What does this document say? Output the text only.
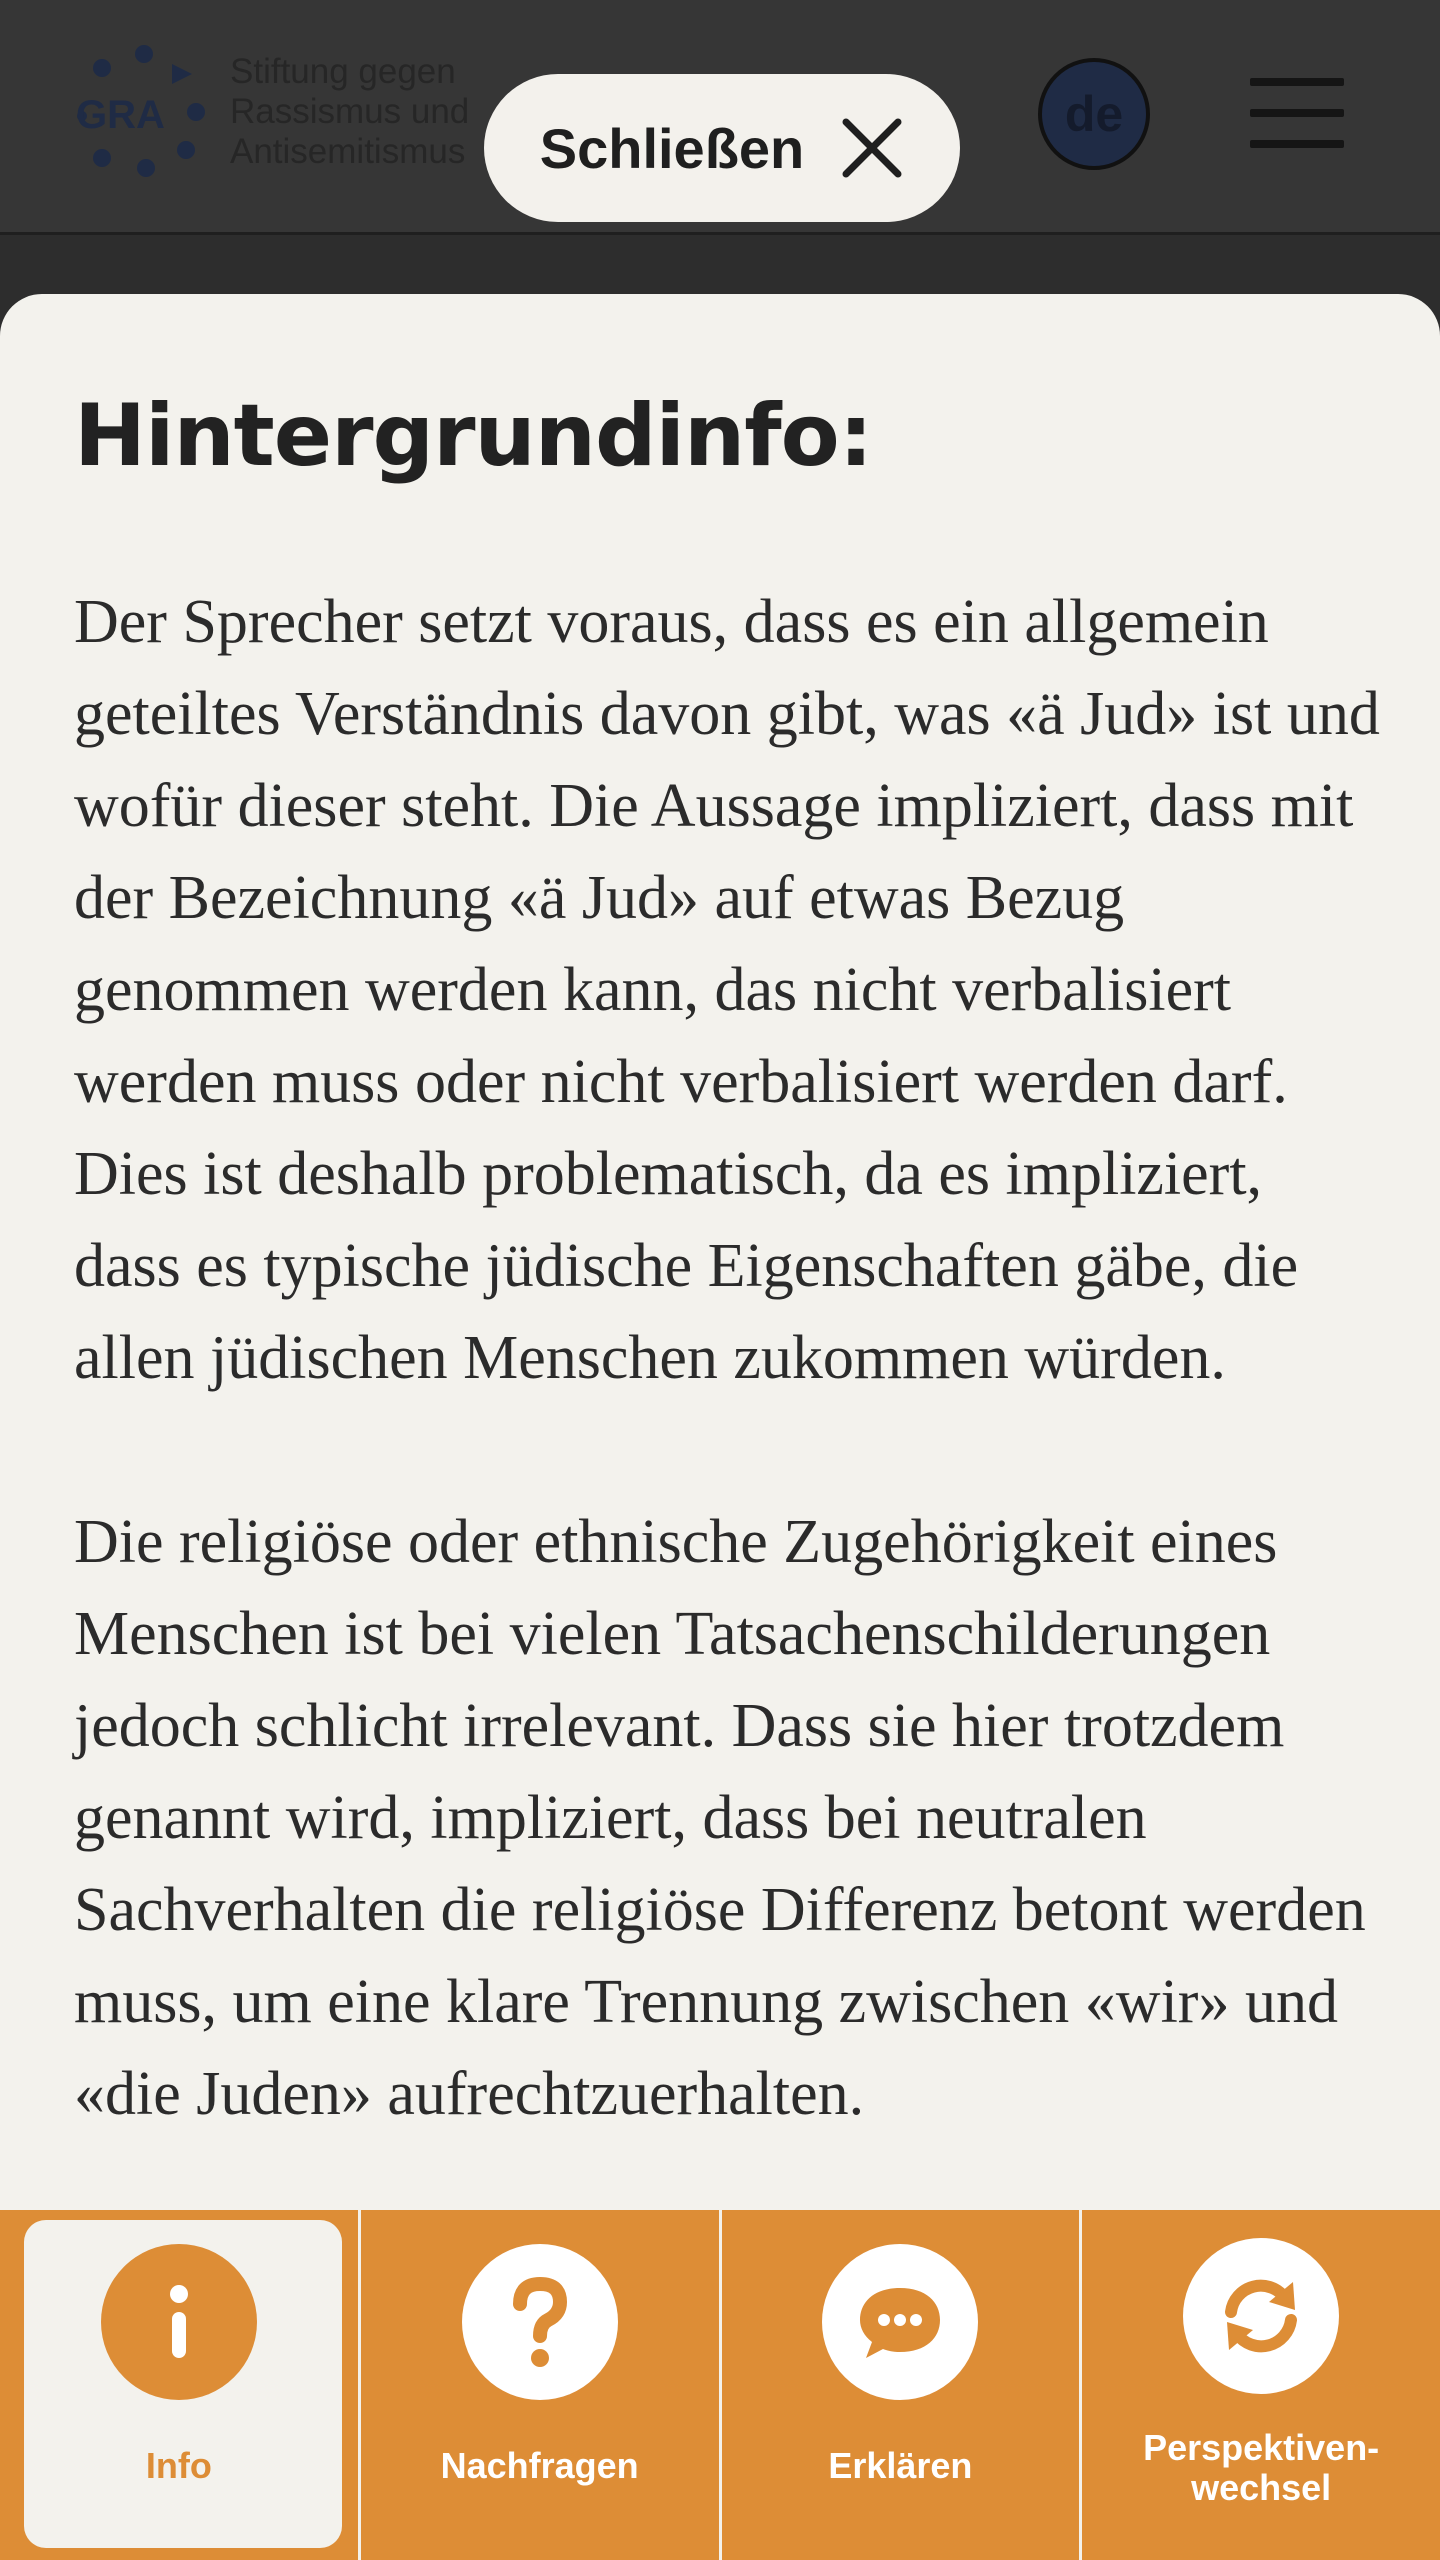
GRA
Stiftung gegen
Rassismus und
Antisemitismus	Schließen
de
Hintergrundinfo:

Der Sprecher setzt voraus, dass es ein allgemein geteiltes Verständnis davon gibt, was «ä Jud» ist und wofür dieser steht. Die Aussage impliziert, dass mit der Bezeichnung «ä Jud» auf etwas Bezug genommen werden kann, das nicht verbalisiert werden muss oder nicht verbalisiert werden darf. Dies ist deshalb problematisch, da es impliziert, dass es typische jüdische Eigenschaften gäbe, die allen jüdischen Menschen zukommen würden.

Die religiöse oder ethnische Zugehörigkeit eines Menschen ist bei vielen Tatsachenschilderungen jedoch schlicht irrelevant. Dass sie hier trotzdem genannt wird, impliziert, dass bei neutralen Sachverhalten die religiöse Differenz betont werden muss, um eine klare Trennung zwischen «wir» und «die Juden» aufrechtzuerhalten.

Info	Nachfragen	Erklären	Perspektiven-
wechsel
